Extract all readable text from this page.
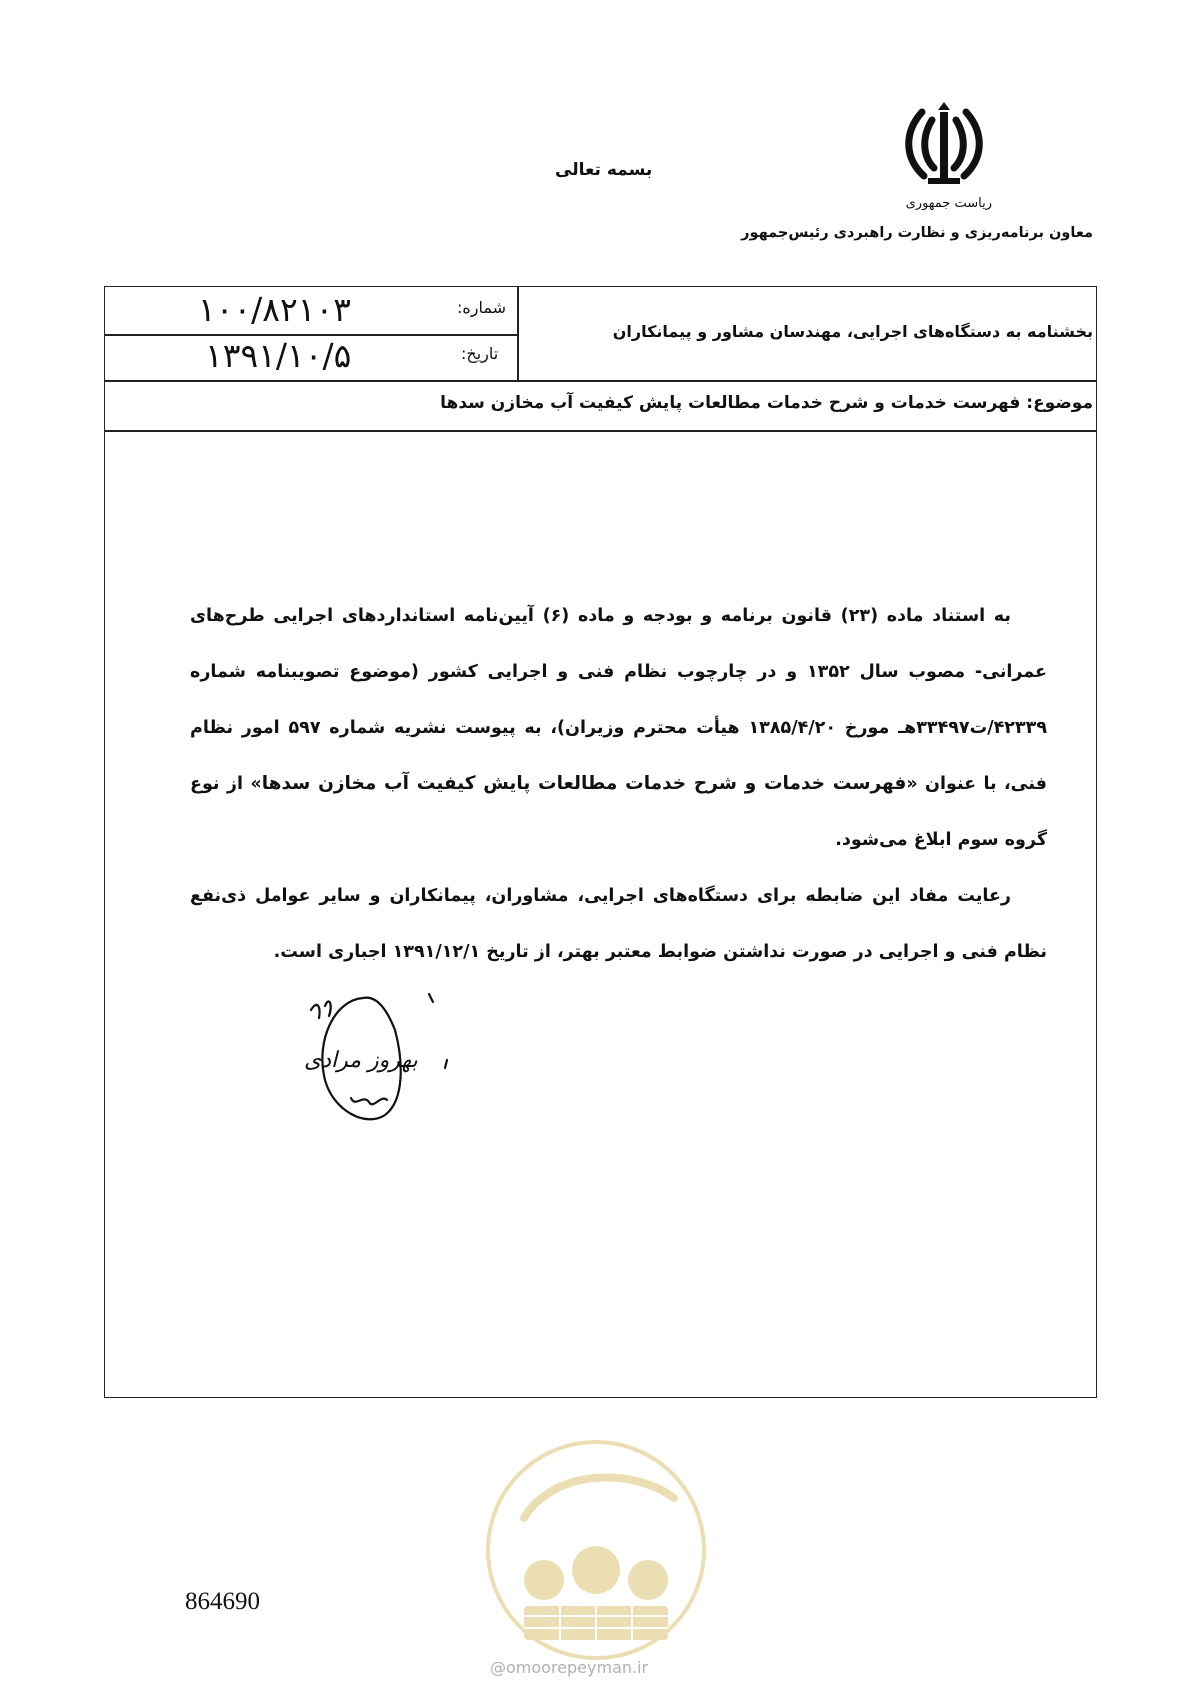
بسمه تعالی
ریاست جمهوری
معاون برنامه‌ریزی و نظارت راهبردی رئیس‌جمهور
شماره:
۱۰۰/۸۲۱۰۳
تاریخ:
۱۳۹۱/۱۰/۵
بخشنامه به دستگاه‌های اجرایی، مهندسان مشاور و پیمانکاران
موضوع: فهرست خدمات و شرح خدمات مطالعات پایش کیفیت آب مخازن سدها

به استناد ماده (۲۳) قانون برنامه و بودجه و ماده (۶) آیین‌نامه استانداردهای اجرایی طرح‌های عمرانی- مصوب سال ۱۳۵۲ و در چارچوب نظام فنی و اجرایی کشور (موضوع تصویبنامه شماره ۴۲۳۳۹/ت۳۳۴۹۷هـ مورخ ۱۳۸۵/۴/۲۰ هیأت محترم وزیران)، به پیوست نشریه شماره ۵۹۷ امور نظام فنی، با عنوان «فهرست خدمات و شرح خدمات مطالعات پایش کیفیت آب مخازن سدها» از نوع گروه سوم ابلاغ می‌شود.

رعایت مفاد این ضابطه برای دستگاه‌های اجرایی، مشاوران، پیمانکاران و سایر عوامل ذی‌نفع نظام فنی و اجرایی در صورت نداشتن ضوابط معتبر بهتر، از تاریخ ۱۳۹۱/۱۲/۱ اجباری است.

بهروز مرادی
@omoorepeyman.ir
864690
